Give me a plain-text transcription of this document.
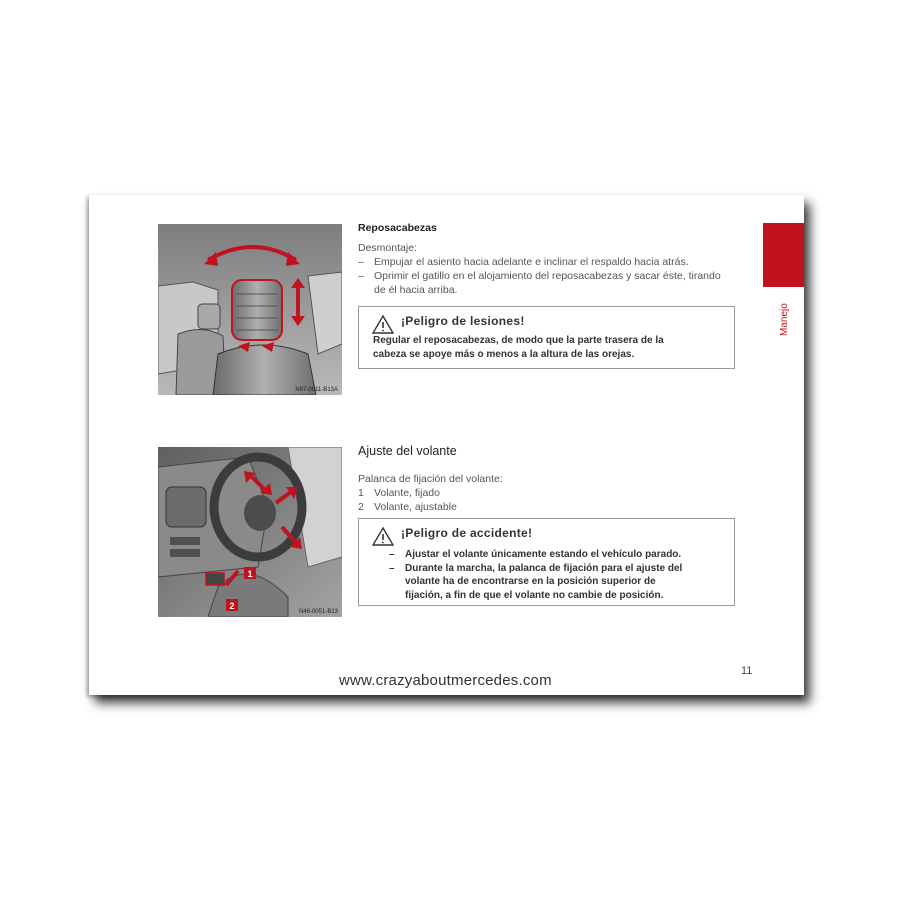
N97-0011-B13A
Reposacabezas
Desmontaje:
– Empujar el asiento hacia adelante e inclinar el respaldo hacia atrás.
– Oprimir el gatillo en el alojamiento del reposacabezas y sacar éste, tirando
de él hacia arriba.
¡Peligro de lesiones!
Regular el reposacabezas, de modo que la parte trasera de la
cabeza se apoye más o menos a la altura de las orejas.
1
2
N46-0051-B13
Ajuste del volante
Palanca de fijación del volante:
1 Volante, fijado
2 Volante, ajustable
¡Peligro de accidente!
–	Ajustar el volante únicamente estando el vehículo parado.
–	Durante la marcha, la palanca de fijación para el ajuste del
volante ha de encontrarse en la posición superior de
fijación, a fin de que el volante no cambie de posición.
Manejo
11
www.crazyaboutmercedes.com
